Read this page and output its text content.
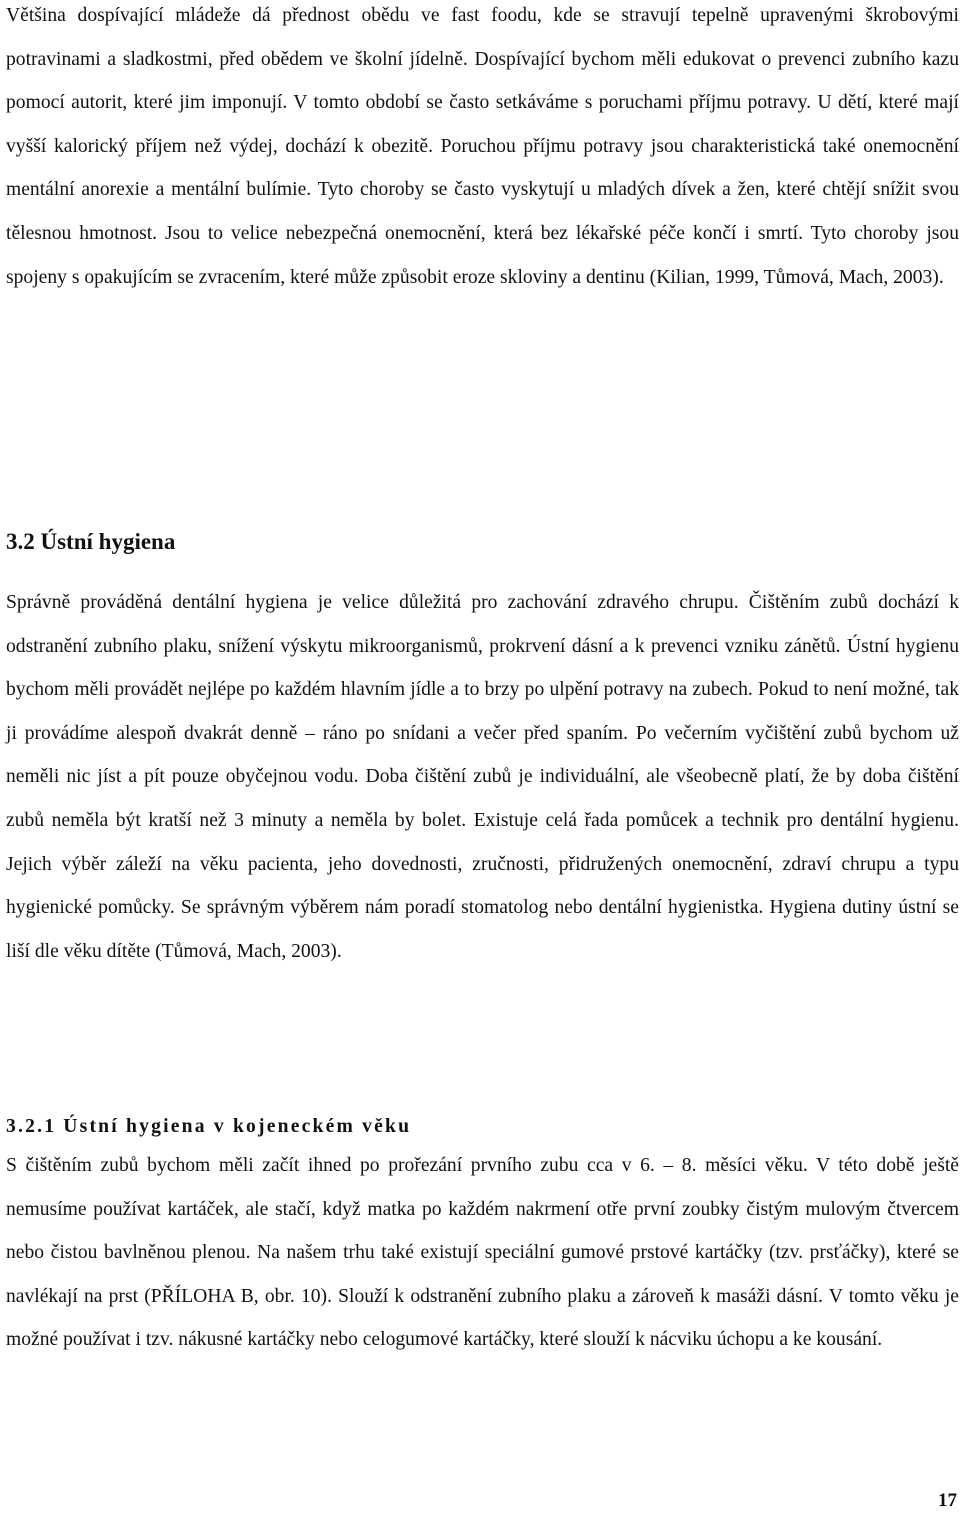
Většina dospívající mládeže dá přednost obědu ve fast foodu, kde se stravují tepelně upravenými škrobovými potravinami a sladkostmi, před obědem ve školní jídelně. Dospívající bychom měli edukovat o prevenci zubního kazu pomocí autorit, které jim imponují. V tomto období se často setkáváme s poruchami příjmu potravy. U dětí, které mají vyšší kalorický příjem než výdej, dochází k obezitě. Poruchou příjmu potravy jsou charakteristická také onemocnění mentální anorexie a mentální bulímie. Tyto choroby se často vyskytují u mladých dívek a žen, které chtějí snížit svou tělesnou hmotnost. Jsou to velice nebezpečná onemocnění, která bez lékařské péče končí i smrtí. Tyto choroby jsou spojeny s opakujícím se zvracením, které může způsobit eroze skloviny a dentinu (Kilian, 1999, Tůmová, Mach, 2003).

3.2 Ústní hygiena

Správně prováděná dentální hygiena je velice důležitá pro zachování zdravého chrupu. Čištěním zubů dochází k odstranění zubního plaku, snížení výskytu mikroorganismů, prokrvení dásní a k prevenci vzniku zánětů. Ústní hygienu bychom měli provádět nejlépe po každém hlavním jídle a to brzy po ulpění potravy na zubech. Pokud to není možné, tak ji provádíme alespoň dvakrát denně – ráno po snídani a večer před spaním. Po večerním vyčištění zubů bychom už neměli nic jíst a pít pouze obyčejnou vodu. Doba čištění zubů je individuální, ale všeobecně platí, že by doba čištění zubů neměla být kratší než 3 minuty a neměla by bolet. Existuje celá řada pomůcek a technik pro dentální hygienu. Jejich výběr záleží na věku pacienta, jeho dovednosti, zručnosti, přidružených onemocnění, zdraví chrupu a typu hygienické pomůcky. Se správným výběrem nám poradí stomatolog nebo dentální hygienistka. Hygiena dutiny ústní se liší dle věku dítěte (Tůmová, Mach, 2003).

3.2.1 Ústní hygiena v kojeneckém věku

S čištěním zubů bychom měli začít ihned po prořezání prvního zubu cca v 6. – 8. měsíci věku. V této době ještě nemusíme používat kartáček, ale stačí, když matka po každém nakrmení otře první zoubky čistým mulovým čtvercem nebo čistou bavlněnou plenou. Na našem trhu také existují speciální gumové prstové kartáčky (tzv. prsťáčky), které se navlékají na prst (PŘÍLOHA B, obr. 10). Slouží k odstranění zubního plaku a zároveň k masáži dásní. V tomto věku je možné používat i tzv. nákusné kartáčky nebo celogumové kartáčky, které slouží k nácviku úchopu a ke kousání.

17
